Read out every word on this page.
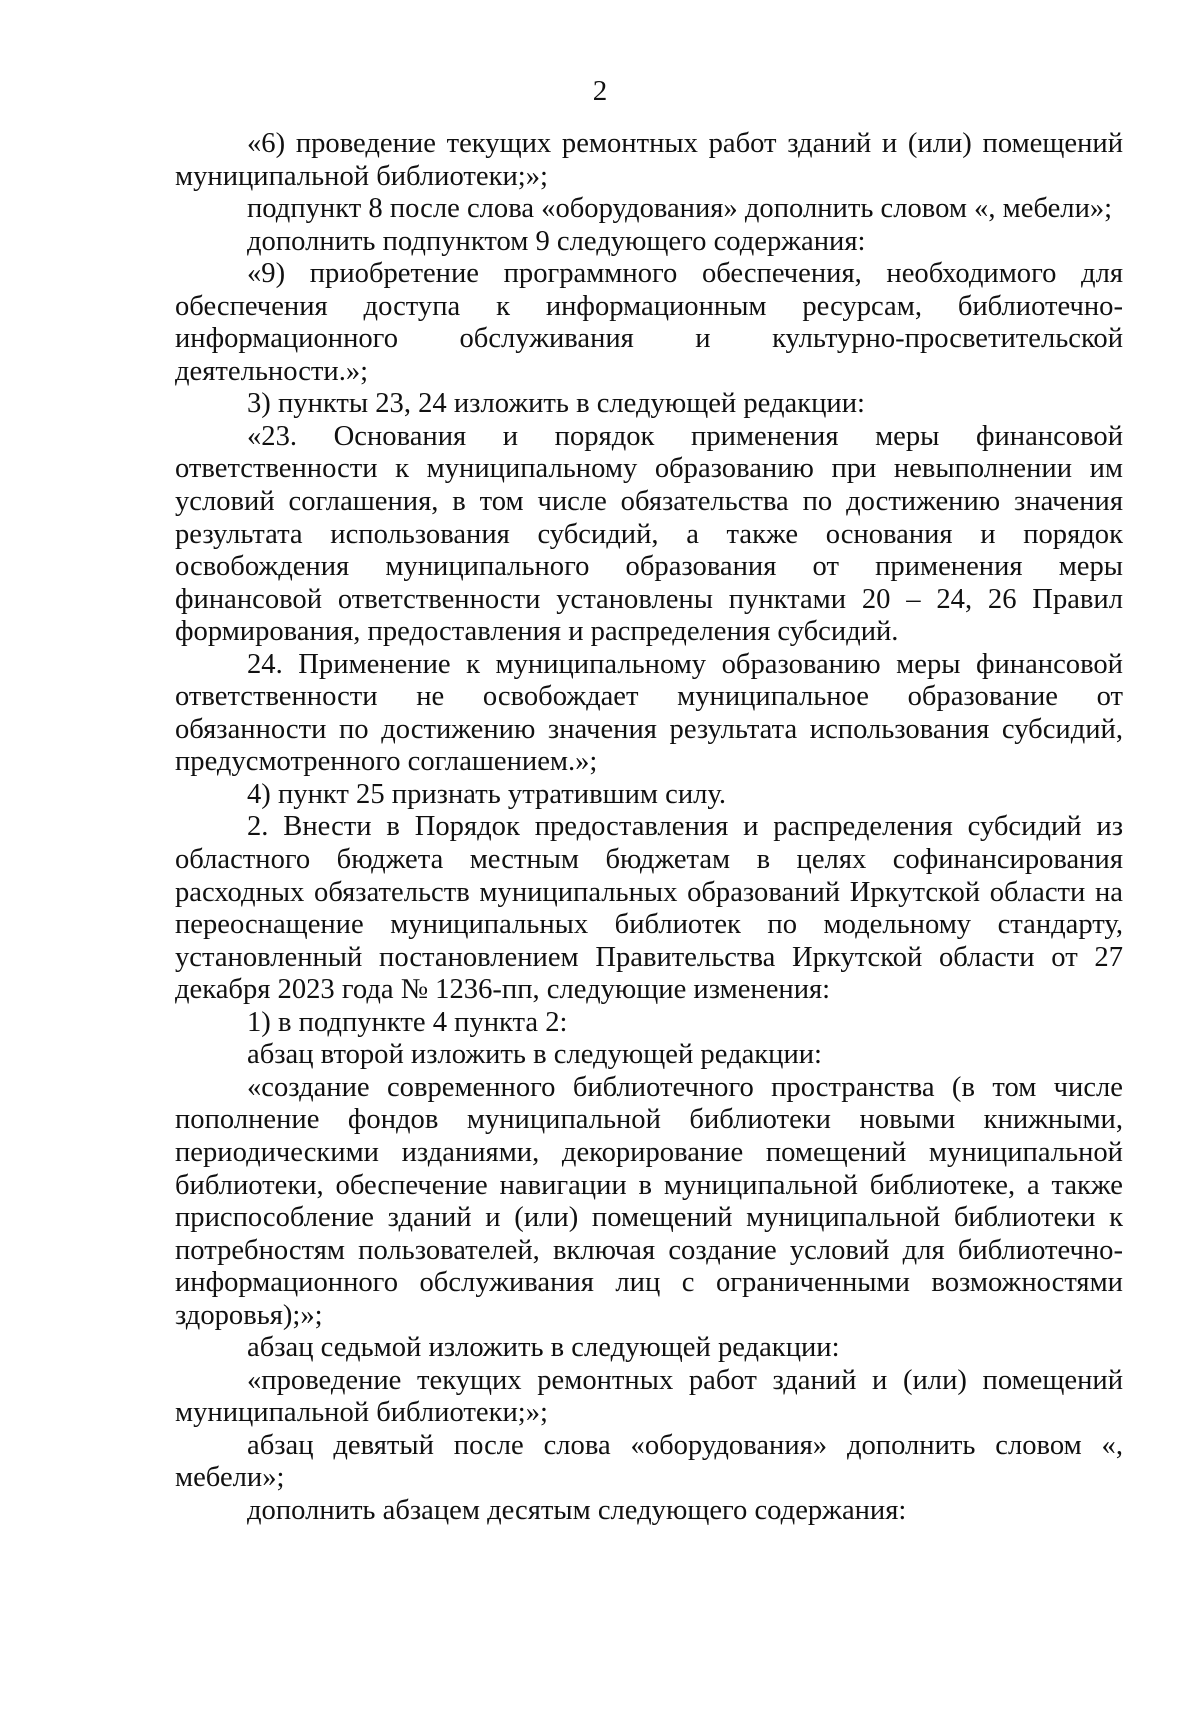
2

«6) проведение текущих ремонтных работ зданий и (или) помещений муниципальной библиотеки;»;

подпункт 8 после слова «оборудования» дополнить словом «, мебели»;

дополнить подпунктом 9 следующего содержания:

«9) приобретение программного обеспечения, необходимого для обеспечения доступа к информационным ресурсам, библиотечно-информационного обслуживания и культурно-просветительской деятельности.»;

3) пункты 23, 24 изложить в следующей редакции:

«23. Основания и порядок применения меры финансовой ответственности к муниципальному образованию при невыполнении им условий соглашения, в том числе обязательства по достижению значения результата использования субсидий, а также основания и порядок освобождения муниципального образования от применения меры финансовой ответственности установлены пунктами 20 – 24, 26 Правил формирования, предоставления и распределения субсидий.

24. Применение к муниципальному образованию меры финансовой ответственности не освобождает муниципальное образование от обязанности по достижению значения результата использования субсидий, предусмотренного соглашением.»;

4) пункт 25 признать утратившим силу.

2. Внести в Порядок предоставления и распределения субсидий из областного бюджета местным бюджетам в целях софинансирования расходных обязательств муниципальных образований Иркутской области на переоснащение муниципальных библиотек по модельному стандарту, установленный постановлением Правительства Иркутской области от 27 декабря 2023 года № 1236-пп, следующие изменения:

1) в подпункте 4 пункта 2:

абзац второй изложить в следующей редакции:

«создание современного библиотечного пространства (в том числе пополнение фондов муниципальной библиотеки новыми книжными, периодическими изданиями, декорирование помещений муниципальной библиотеки, обеспечение навигации в муниципальной библиотеке, а также приспособление зданий и (или) помещений муниципальной библиотеки к потребностям пользователей, включая создание условий для библиотечно-информационного обслуживания лиц с ограниченными возможностями здоровья);»;

абзац седьмой изложить в следующей редакции:

«проведение текущих ремонтных работ зданий и (или) помещений муниципальной библиотеки;»;

абзац девятый после слова «оборудования» дополнить словом «, мебели»;

дополнить абзацем десятым следующего содержания:
